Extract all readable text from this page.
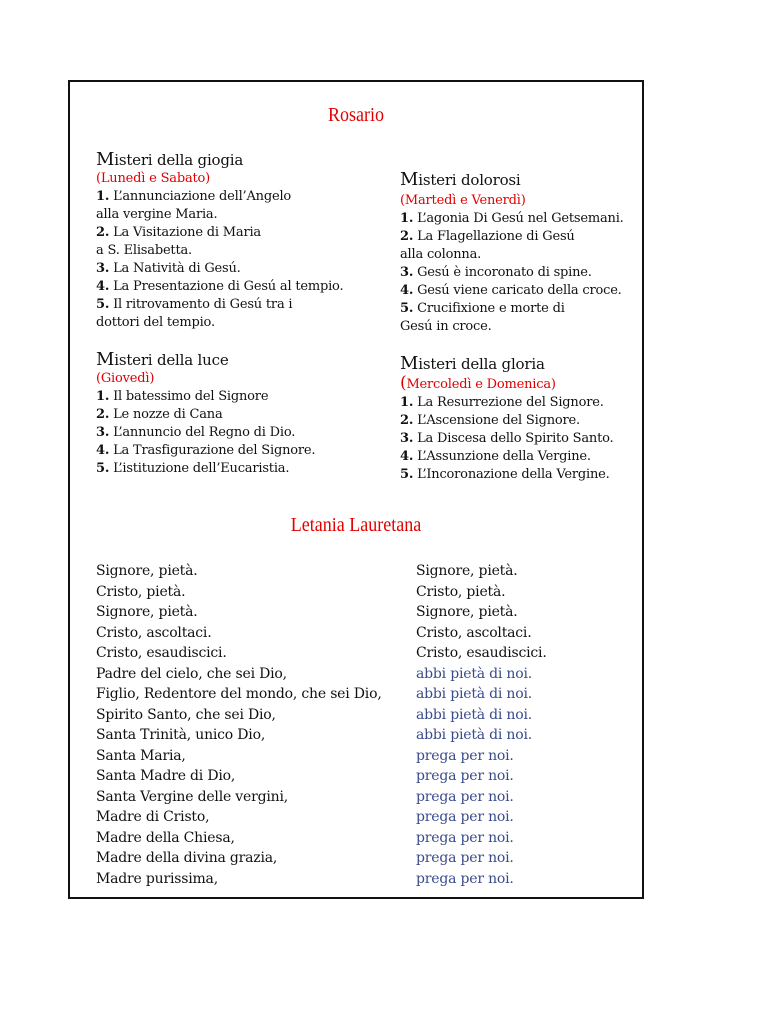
Rosario
Misteri della giogia
(Lunedì e Sabato)
1. L’annunciazione dell’Angelo
alla vergine Maria.
2. La Visitazione di Maria
a S. Elisabetta.
3. La Natività di Gesú.
4. La Presentazione di Gesú al tempio.
5. Il ritrovamento di Gesú tra i
dottori del tempio.
Misteri dolorosi
(Martedì e Venerdì)
1. L’agonia Di Gesú nel Getsemani.
2. La Flagellazione di Gesú
alla colonna.
3. Gesú è incoronato di spine.
4. Gesú viene caricato della croce.
5. Crucifixione e morte di
Gesú in croce.
Misteri della luce
(Giovedì)
1. Il batessimo del Signore
2. Le nozze di Cana
3. L’annuncio del Regno di Dio.
4. La Trasfigurazione del Signore.
5. L’istituzione dell’Eucaristia.
Misteri della gloria
(Mercoledì e Domenica)
1. La Resurrezione del Signore.
2. L’Ascensione del Signore.
3. La Discesa dello Spirito Santo.
4. L’Assunzione della Vergine.
5. L’Incoronazione della Vergine.
Letania Lauretana
Signore, pietà.
Cristo, pietà.
Signore, pietà.
Cristo, ascoltaci.
Cristo, esaudiscici.
Padre del cielo, che sei Dio,
Figlio, Redentore del mondo, che sei Dio,
Spirito Santo, che sei Dio,
Santa Trinità, unico Dio,
Santa Maria,
Santa Madre di Dio,
Santa Vergine delle vergini,
Madre di Cristo,
Madre della Chiesa,
Madre della divina grazia,
Madre purissima,
Signore, pietà.
Cristo, pietà.
Signore, pietà.
Cristo, ascoltaci.
Cristo, esaudiscici.
abbi pietà di noi.
abbi pietà di noi.
abbi pietà di noi.
abbi pietà di noi.
prega per noi.
prega per noi.
prega per noi.
prega per noi.
prega per noi.
prega per noi.
prega per noi.
